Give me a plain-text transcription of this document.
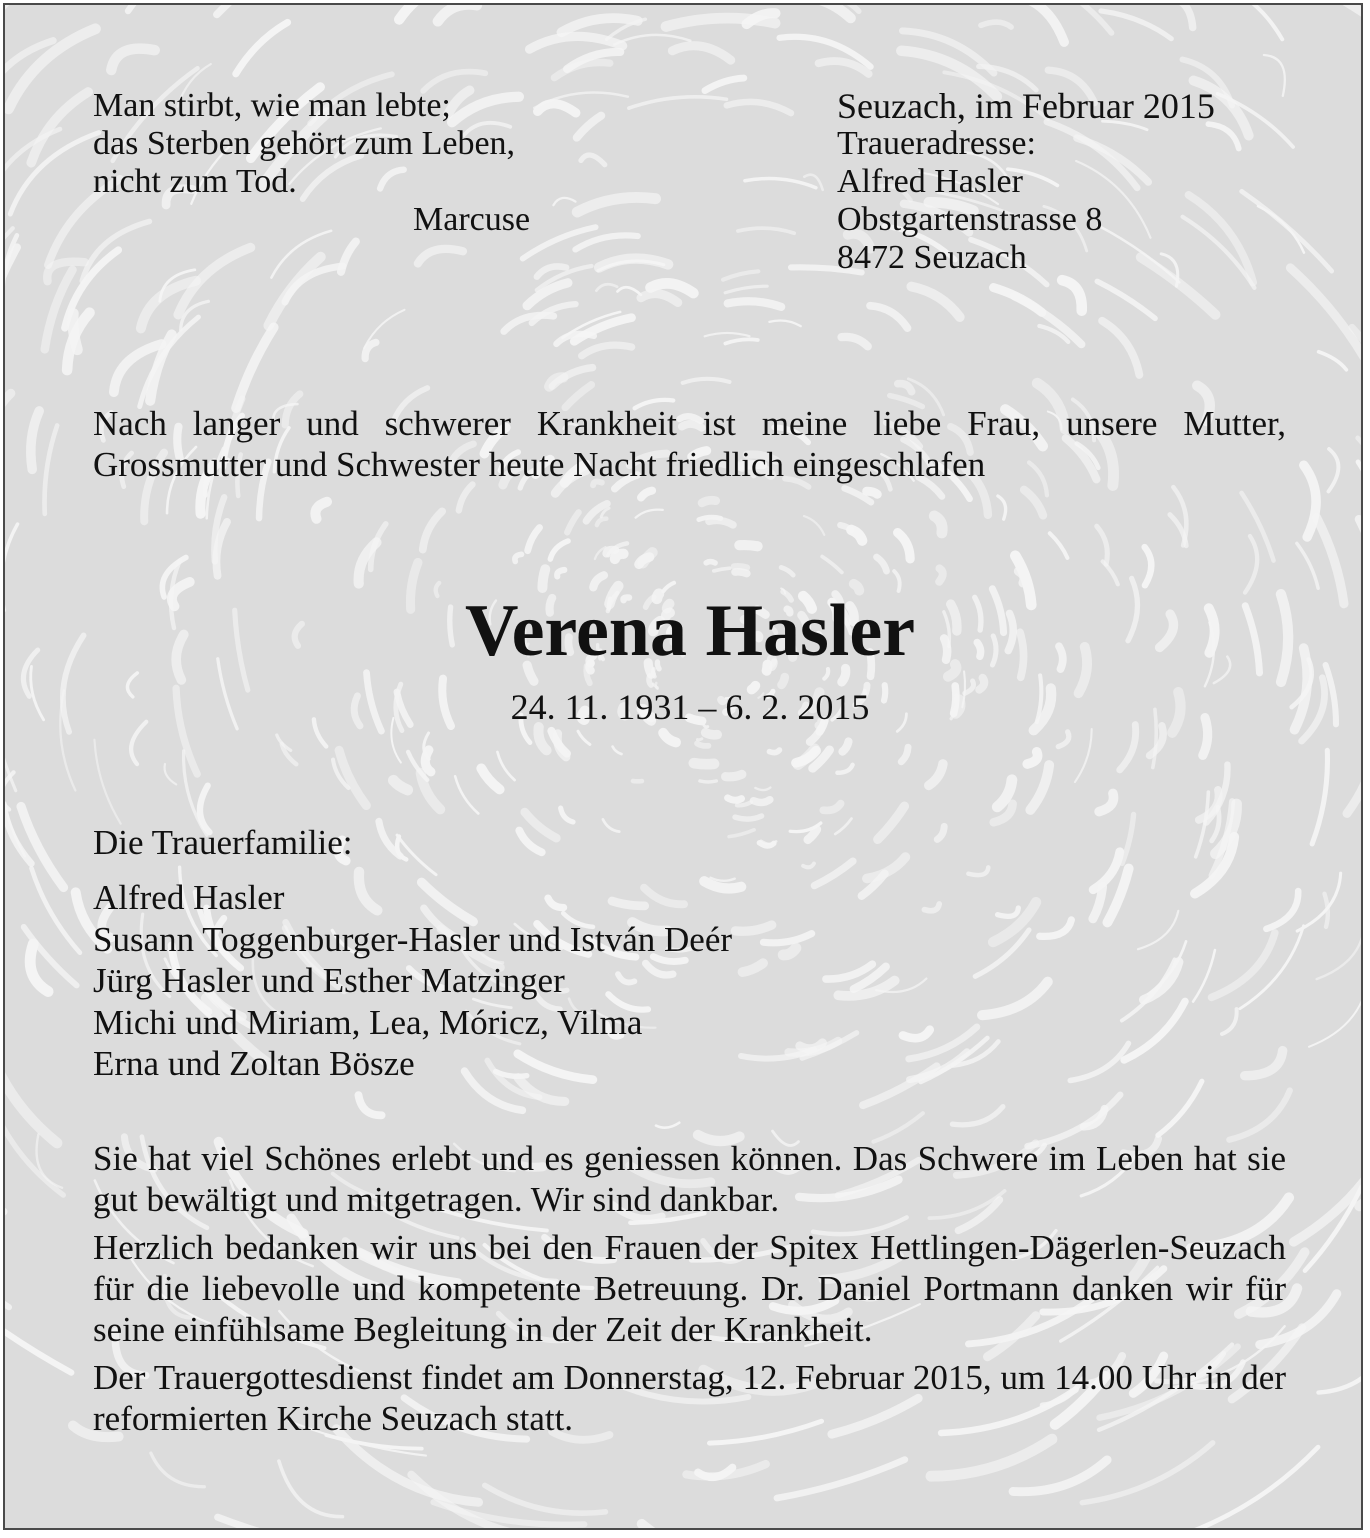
Man stirbt, wie man lebte;
das Sterben gehört zum Leben,
nicht zum Tod.
Marcuse
Seuzach, im Februar 2015
Traueradresse:
Alfred Hasler
Obstgartenstrasse 8
8472 Seuzach
Nach langer und schwerer Krankheit ist meine liebe Frau, unsere Mutter, Grossmutter und Schwester heute Nacht friedlich eingeschlafen
Verena Hasler
24. 11. 1931 – 6. 2. 2015
Die Trauerfamilie:
Alfred Hasler
Susann Toggenburger-Hasler und István Deér
Jürg Hasler und Esther Matzinger
Michi und Miriam, Lea, Móricz, Vilma
Erna und Zoltan Bösze

Sie hat viel Schönes erlebt und es geniessen können. Das Schwere im Leben hat sie gut bewältigt und mitgetragen. Wir sind dankbar.

Herzlich bedanken wir uns bei den Frauen der Spitex Hettlingen-Dägerlen-Seuzach für die liebevolle und kompetente Betreuung. Dr. Daniel Portmann danken wir für seine einfühlsame Begleitung in der Zeit der Krankheit.

Der Trauergottesdienst findet am Donnerstag, 12. Februar 2015, um 14.00 Uhr in der reformierten Kirche Seuzach statt.
